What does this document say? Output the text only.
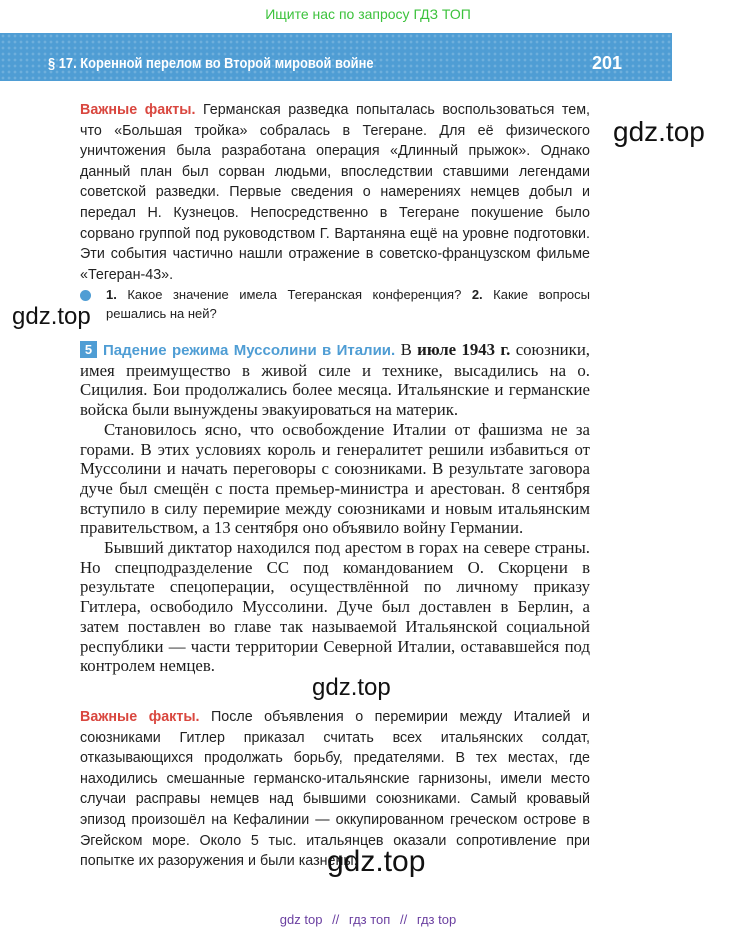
Ищите нас по запросу ГДЗ ТОП
§ 17. Коренной перелом во Второй мировой войне	201
Важные факты. Германская разведка попыталась воспользоваться тем, что «Большая тройка» собралась в Тегеране. Для её физического уничтожения была разработана операция «Длинный прыжок». Однако данный план был сорван людьми, впоследствии ставшими легендами советской разведки. Первые сведения о намерениях немцев добыл и передал Н. Кузнецов. Непосредственно в Тегеране покушение было сорвано группой под руководством Г. Вартаняна ещё на уровне подготовки. Эти события частично нашли отражение в советско-французском фильме «Тегеран-43».
1. Какое значение имела Тегеранская конференция? 2. Какие вопросы решались на ней?

5 Падение режима Муссолини в Италии. В июле 1943 г. союзники, имея преимущество в живой силе и технике, высадились на о. Сицилия. Бои продолжались более месяца. Итальянские и германские войска были вынуждены эвакуироваться на материк.

Становилось ясно, что освобождение Италии от фашизма не за горами. В этих условиях король и генералитет решили избавиться от Муссолини и начать переговоры с союзниками. В результате заговора дуче был смещён с поста премьер-министра и арестован. 8 сентября вступило в силу перемирие между союзниками и новым итальянским правительством, а 13 сентября оно объявило войну Германии.

Бывший диктатор находился под арестом в горах на севере страны. Но спецподразделение СС под командованием О. Скорцени в результате спецоперации, осуществлённой по личному приказу Гитлера, освободило Муссолини. Дуче был доставлен в Берлин, а затем поставлен во главе так называемой Итальянской социальной республики — части территории Северной Италии, остававшейся под контролем немцев.

Важные факты. После объявления о перемирии между Италией и союзниками Гитлер приказал считать всех итальянских солдат, отказывающихся продолжать борьбу, предателями. В тех местах, где находились смешанные германско-итальянские гарнизоны, имели место случаи расправы немцев над бывшими союзниками. Самый кровавый эпизод произошёл на Кефалинии — оккупированном греческом острове в Эгейском море. Около 5 тыс. итальянцев оказали сопротивление при попытке их разоружения и были казнены.
gdz.top
gdz.top
gdz.top
gdz.top
gdz top // гдз топ // гдз top
